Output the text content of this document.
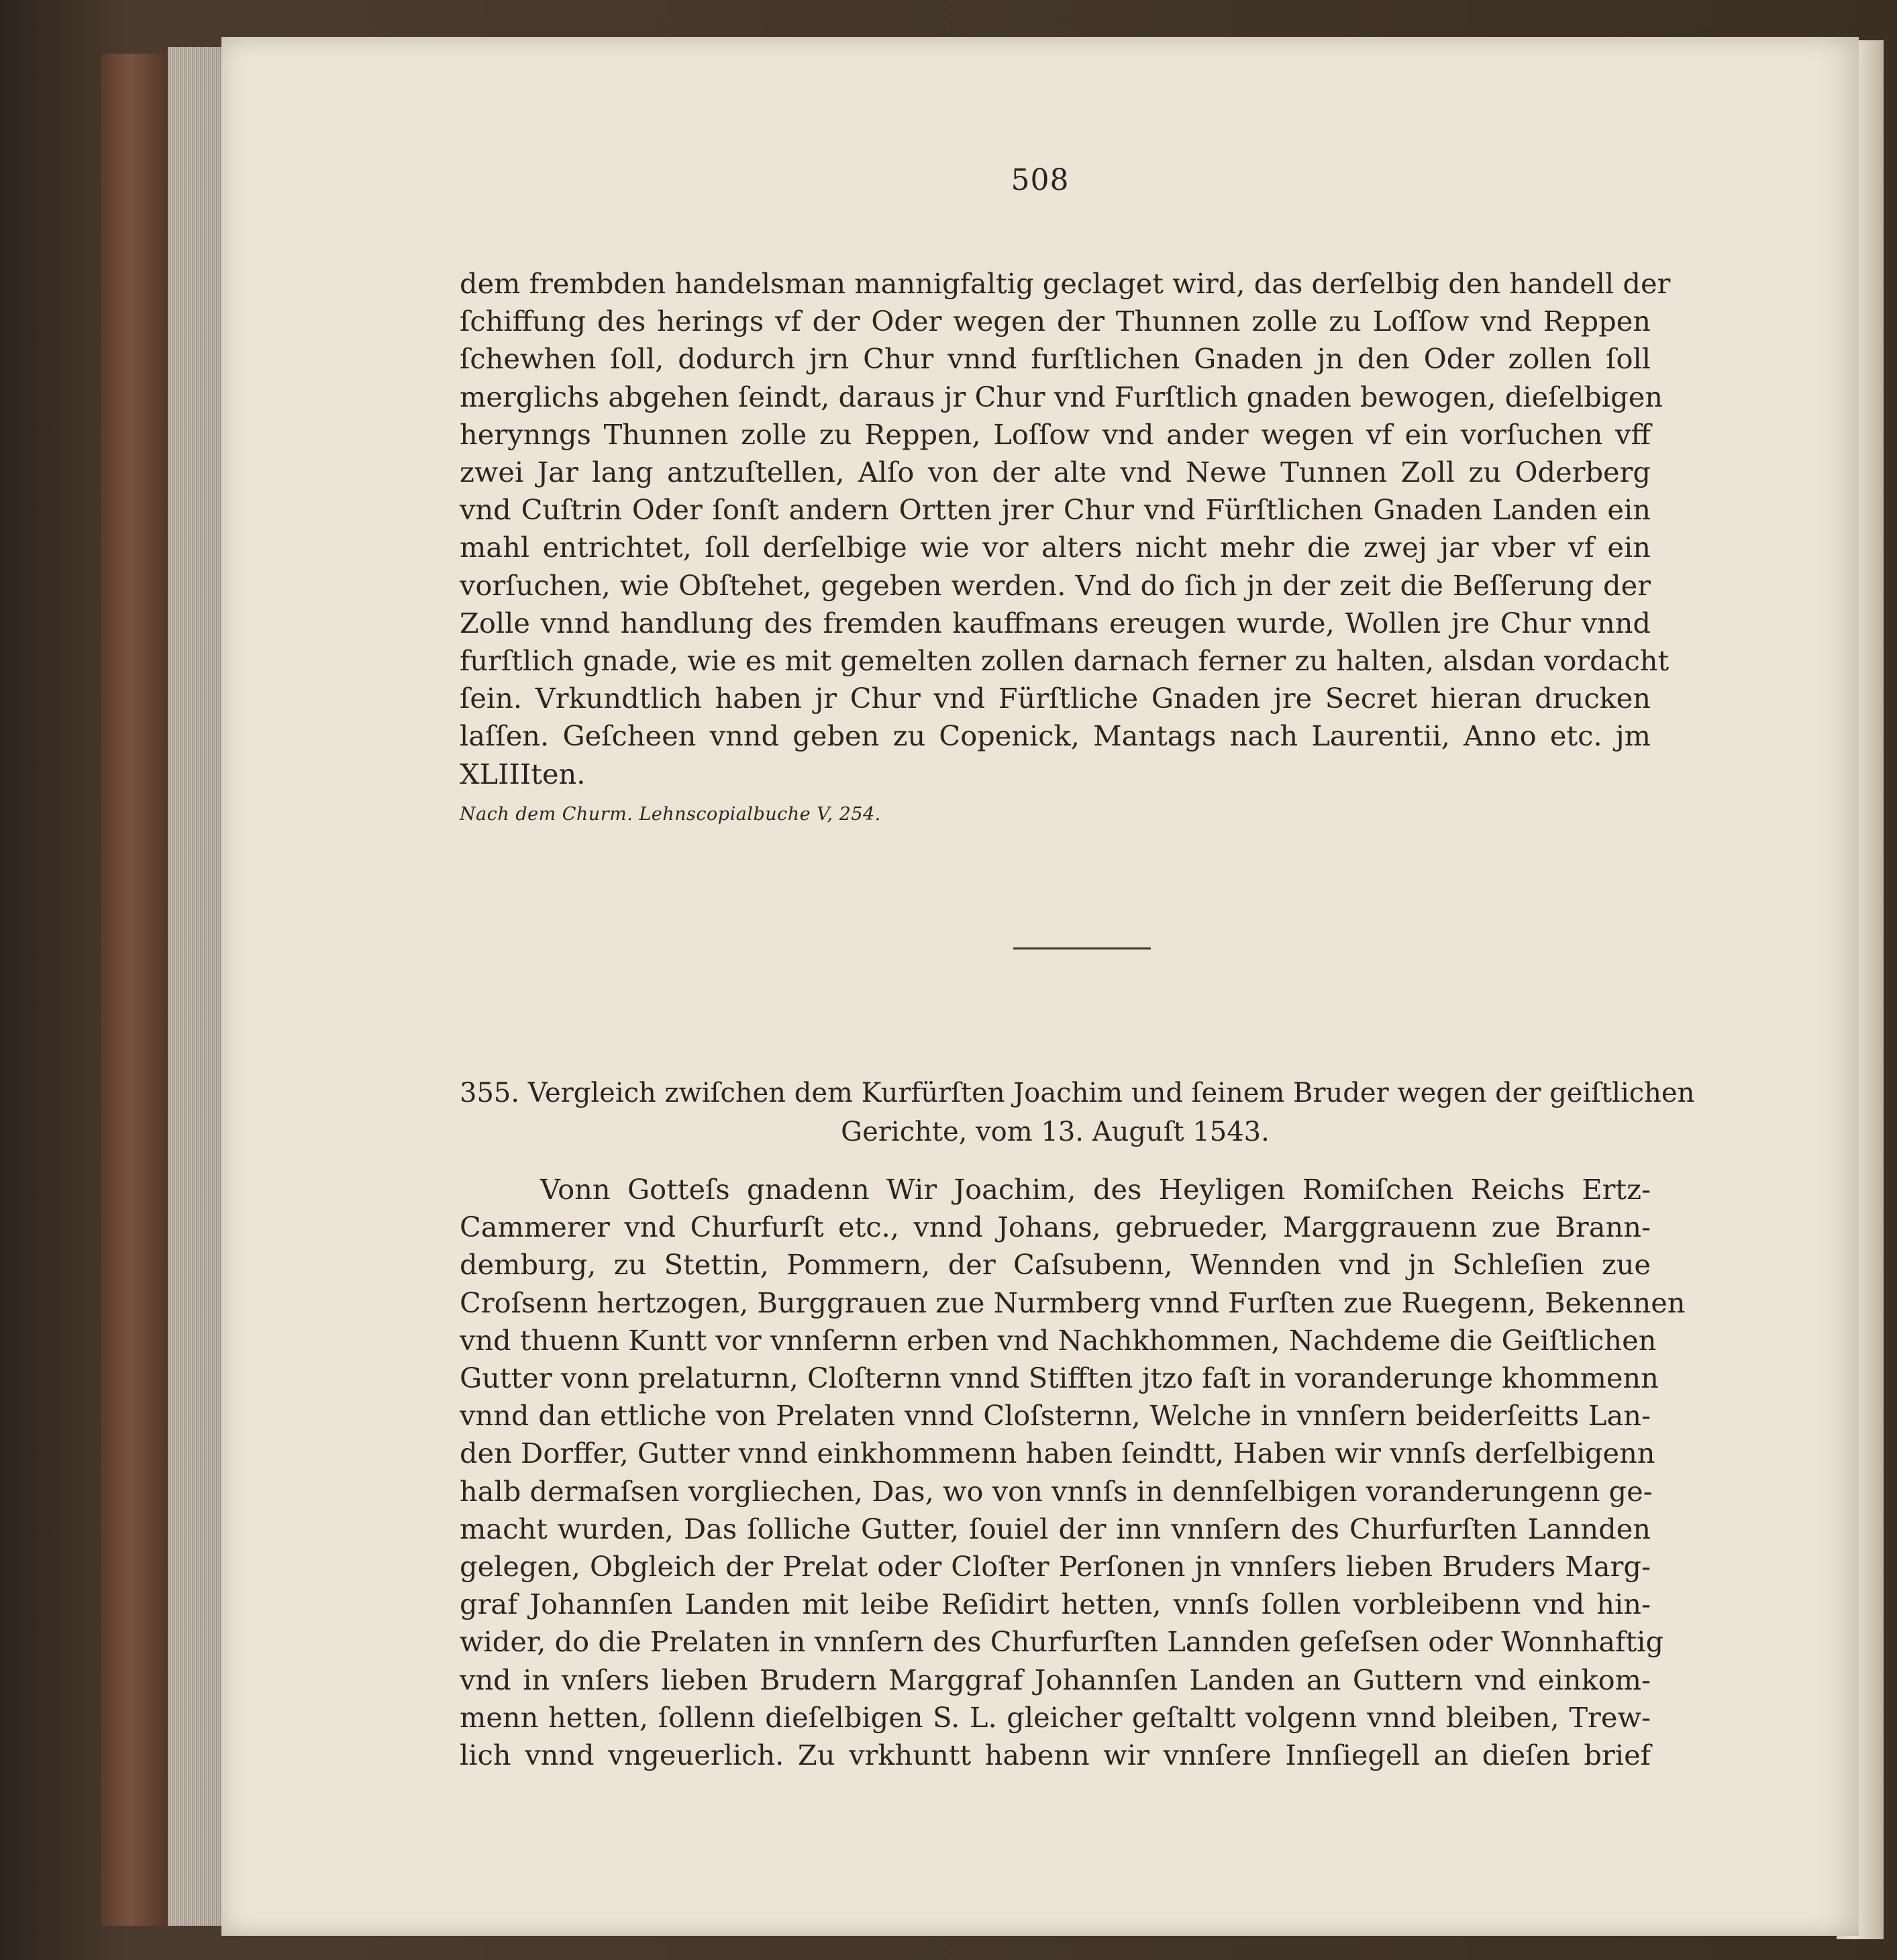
508
dem frembden handelsman mannigfaltig geclaget wird, das derſelbig den handell der
ſchiffung des herings vf der Oder wegen der Thunnen zolle zu Loſſow vnd Reppen
ſchewhen ſoll, dodurch jrn Chur vnnd furſtlichen Gnaden jn den Oder zollen ſoll
merglichs abgehen ſeindt, daraus jr Chur vnd Furſtlich gnaden bewogen, dieſelbigen
herynngs Thunnen zolle zu Reppen, Loſſow vnd ander wegen vf ein vorſuchen vff
zwei Jar lang antzuſtellen, Alſo von der alte vnd Newe Tunnen Zoll zu Oderberg
vnd Cuſtrin Oder ſonſt andern Ortten jrer Chur vnd Fürſtlichen Gnaden Landen ein
mahl entrichtet, ſoll derſelbige wie vor alters nicht mehr die zwej jar vber vf ein
vorſuchen, wie Obſtehet, gegeben werden. Vnd do ſich jn der zeit die Beſſerung der
Zolle vnnd handlung des fremden kauffmans ereugen wurde, Wollen jre Chur vnnd
furſtlich gnade, wie es mit gemelten zollen darnach ferner zu halten, alsdan vordacht
ſein. Vrkundtlich haben jr Chur vnd Fürſtliche Gnaden jre Secret hieran drucken
laſſen. Geſcheen vnnd geben zu Copenick, Mantags nach Laurentii, Anno etc. jm
XLIIIten.
Nach dem Churm. Lehnscopialbuche V, 254.
355. Vergleich zwiſchen dem Kurfürſten Joachim und ſeinem Bruder wegen der geiſtlichen
Gerichte, vom 13. Auguſt 1543.
Vonn Gotteſs gnadenn Wir Joachim, des Heyligen Romiſchen Reichs Ertz-
Cammerer vnd Churfurſt etc., vnnd Johans, gebrueder, Marggrauenn zue Brann-
demburg, zu Stettin, Pommern, der Caſsubenn, Wennden vnd jn Schleſien zue
Croſsenn hertzogen, Burggrauen zue Nurmberg vnnd Furſten zue Ruegenn, Bekennen
vnd thuenn Kuntt vor vnnſernn erben vnd Nachkhommen, Nachdeme die Geiſtlichen
Gutter vonn prelaturnn, Cloſternn vnnd Stifften jtzo faſt in voranderunge khommenn
vnnd dan ettliche von Prelaten vnnd Cloſsternn, Welche in vnnſern beiderſeitts Lan-
den Dorffer, Gutter vnnd einkhommenn haben ſeindtt, Haben wir vnnſs derſelbigenn
halb dermaſsen vorgliechen, Das, wo von vnnſs in dennſelbigen voranderungenn ge-
macht wurden, Das ſolliche Gutter, ſouiel der inn vnnſern des Churfurſten Lannden
gelegen, Obgleich der Prelat oder Cloſter Perſonen jn vnnſers lieben Bruders Marg-
graf Johannſen Landen mit leibe Reſidirt hetten, vnnſs ſollen vorbleibenn vnd hin-
wider, do die Prelaten in vnnſern des Churfurſten Lannden geſeſsen oder Wonnhaftig
vnd in vnſers lieben Brudern Marggraf Johannſen Landen an Guttern vnd einkom-
menn hetten, ſollenn dieſelbigen S. L. gleicher geſtaltt volgenn vnnd bleiben, Trew-
lich vnnd vngeuerlich. Zu vrkhuntt habenn wir vnnſere Innſiegell an dieſen brief
